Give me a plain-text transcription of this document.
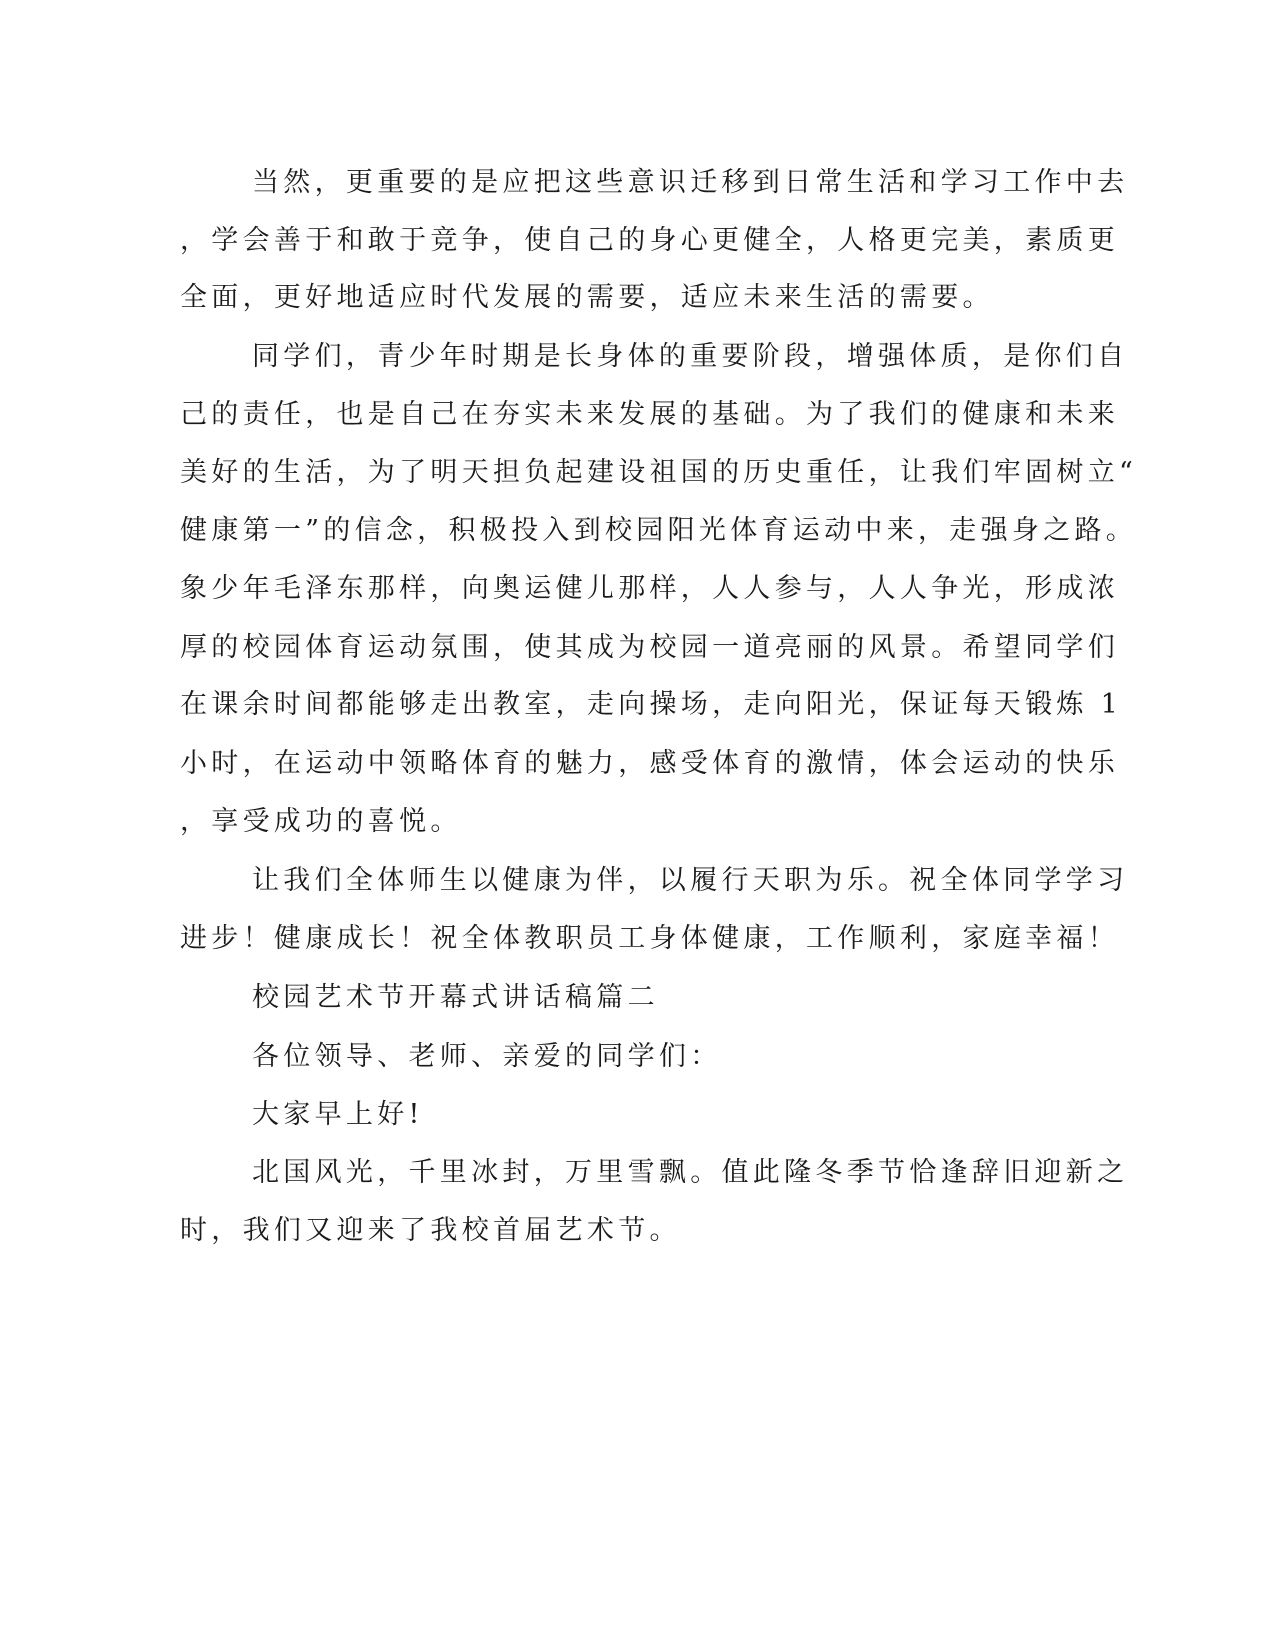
当然，更重要的是应把这些意识迁移到日常生活和学习工作中去
，学会善于和敢于竞争，使自己的身心更健全，人格更完美，素质更
全面，更好地适应时代发展的需要，适应未来生活的需要。
同学们，青少年时期是长身体的重要阶段，增强体质，是你们自
己的责任，也是自己在夯实未来发展的基础。为了我们的健康和未来
美好的生活，为了明天担负起建设祖国的历史重任，让我们牢固树立“
健康第一”的信念，积极投入到校园阳光体育运动中来，走强身之路。
象少年毛泽东那样，向奥运健儿那样，人人参与，人人争光，形成浓
厚的校园体育运动氛围，使其成为校园一道亮丽的风景。希望同学们
在课余时间都能够走出教室，走向操场，走向阳光，保证每天锻炼 1
小时，在运动中领略体育的魅力，感受体育的激情，体会运动的快乐
，享受成功的喜悦。
让我们全体师生以健康为伴，以履行天职为乐。祝全体同学学习
进步！健康成长！祝全体教职员工身体健康，工作顺利，家庭幸福！
校园艺术节开幕式讲话稿篇二
各位领导、老师、亲爱的同学们：
大家早上好!
北国风光，千里冰封，万里雪飘。值此隆冬季节恰逢辞旧迎新之
时，我们又迎来了我校首届艺术节。
